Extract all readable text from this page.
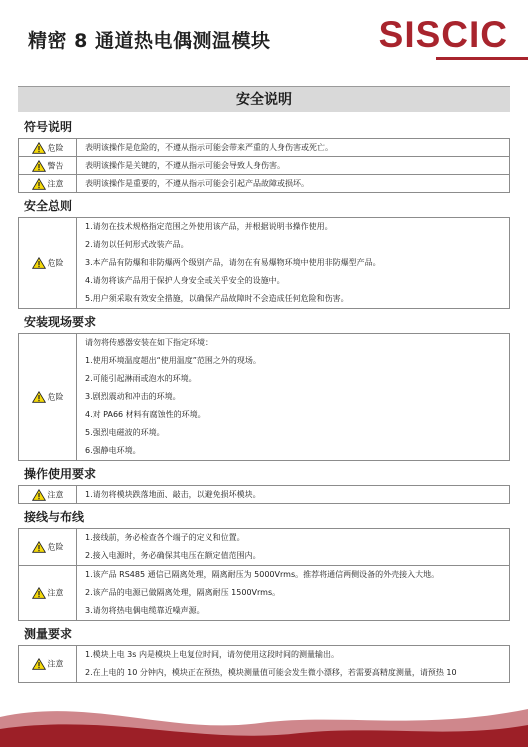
精密 8 通道热电偶测温模块	SISCIC
安全说明
符号说明
危险	表明该操作是危险的，不遵从指示可能会带来严重的人身伤害或死亡。

警告	表明该操作是关键的，不遵从指示可能会导致人身伤害。

注意	表明该操作是重要的，不遵从指示可能会引起产品故障或损坏。
安全总则
危险	
1.请勿在技术规格指定范围之外使用该产品，并根据说明书操作使用。
2.请勿以任何形式改装产品。
3.本产品有防爆和非防爆两个级别产品，请勿在有易爆物环境中使用非防爆型产品。
4.请勿将该产品用于保护人身安全或关乎安全的设施中。
5.用户须采取有效安全措施，以确保产品故障时不会造成任何危险和伤害。
安装现场要求
危险	
请勿将传感器安装在如下指定环境：
1.使用环境温度超出“使用温度”范围之外的现场。
2.可能引起淋雨或泡水的环境。
3.剧烈震动和冲击的环境。
4.对 PA66 材料有腐蚀性的环境。
5.强烈电磁波的环境。
6.强静电环境。
操作使用要求
注意	1.请勿将模块跌落地面、敲击，以避免损坏模块。
接线与布线
危险	1.接线前，务必检查各个端子的定义和位置。
2.接入电源时，务必确保其电压在额定值范围内。

注意	1.该产品 RS485 通信已隔离处理，隔离耐压为 5000Vrms。推荐将通信两侧设备的外壳接入大地。
2.该产品的电源已做隔离处理，隔离耐压 1500Vrms。
3.请勿将热电偶电缆靠近噪声源。
测量要求
注意	
1.模块上电 3s 内是模块上电复位时间，请勿使用这段时间的测量输出。
2.在上电的 10 分钟内，模块正在预热，模块测量值可能会发生微小漂移，若需要高精度测量，请预热 10
